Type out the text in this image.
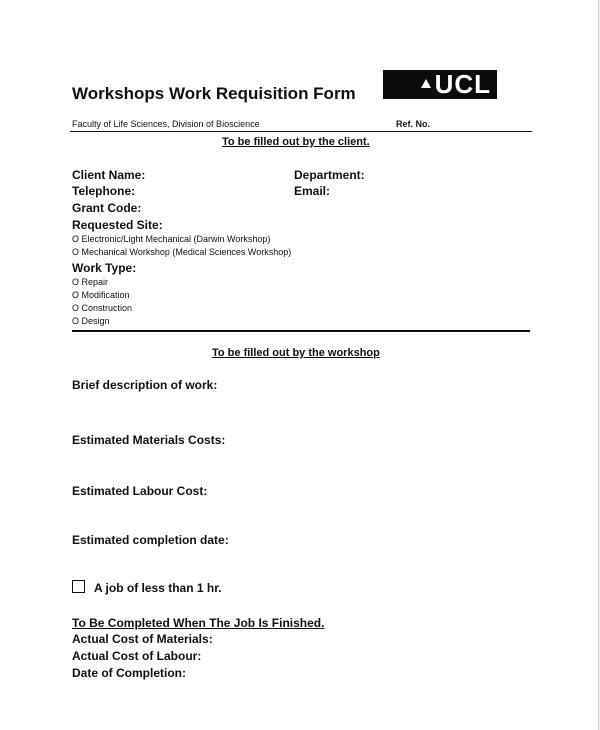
Workshops Work Requisition Form	UCL
Faculty of Life Sciences, Division of Bioscience	Ref. No.
To be filled out by the client.
Client Name:	Department:
Telephone:	Email:
Grant Code:
Requested Site:
O Electronic/Light Mechanical (Darwin Workshop)
O Mechanical Workshop (Medical Sciences Workshop)
Work Type:
O Repair
O Modification
O Construction
O Design
To be filled out by the workshop
Brief description of work:
Estimated Materials Costs:
Estimated Labour Cost:
Estimated completion date:
A job of less than 1 hr.
To Be Completed When The Job Is Finished.
Actual Cost of Materials:
Actual Cost of Labour:
Date of Completion:
